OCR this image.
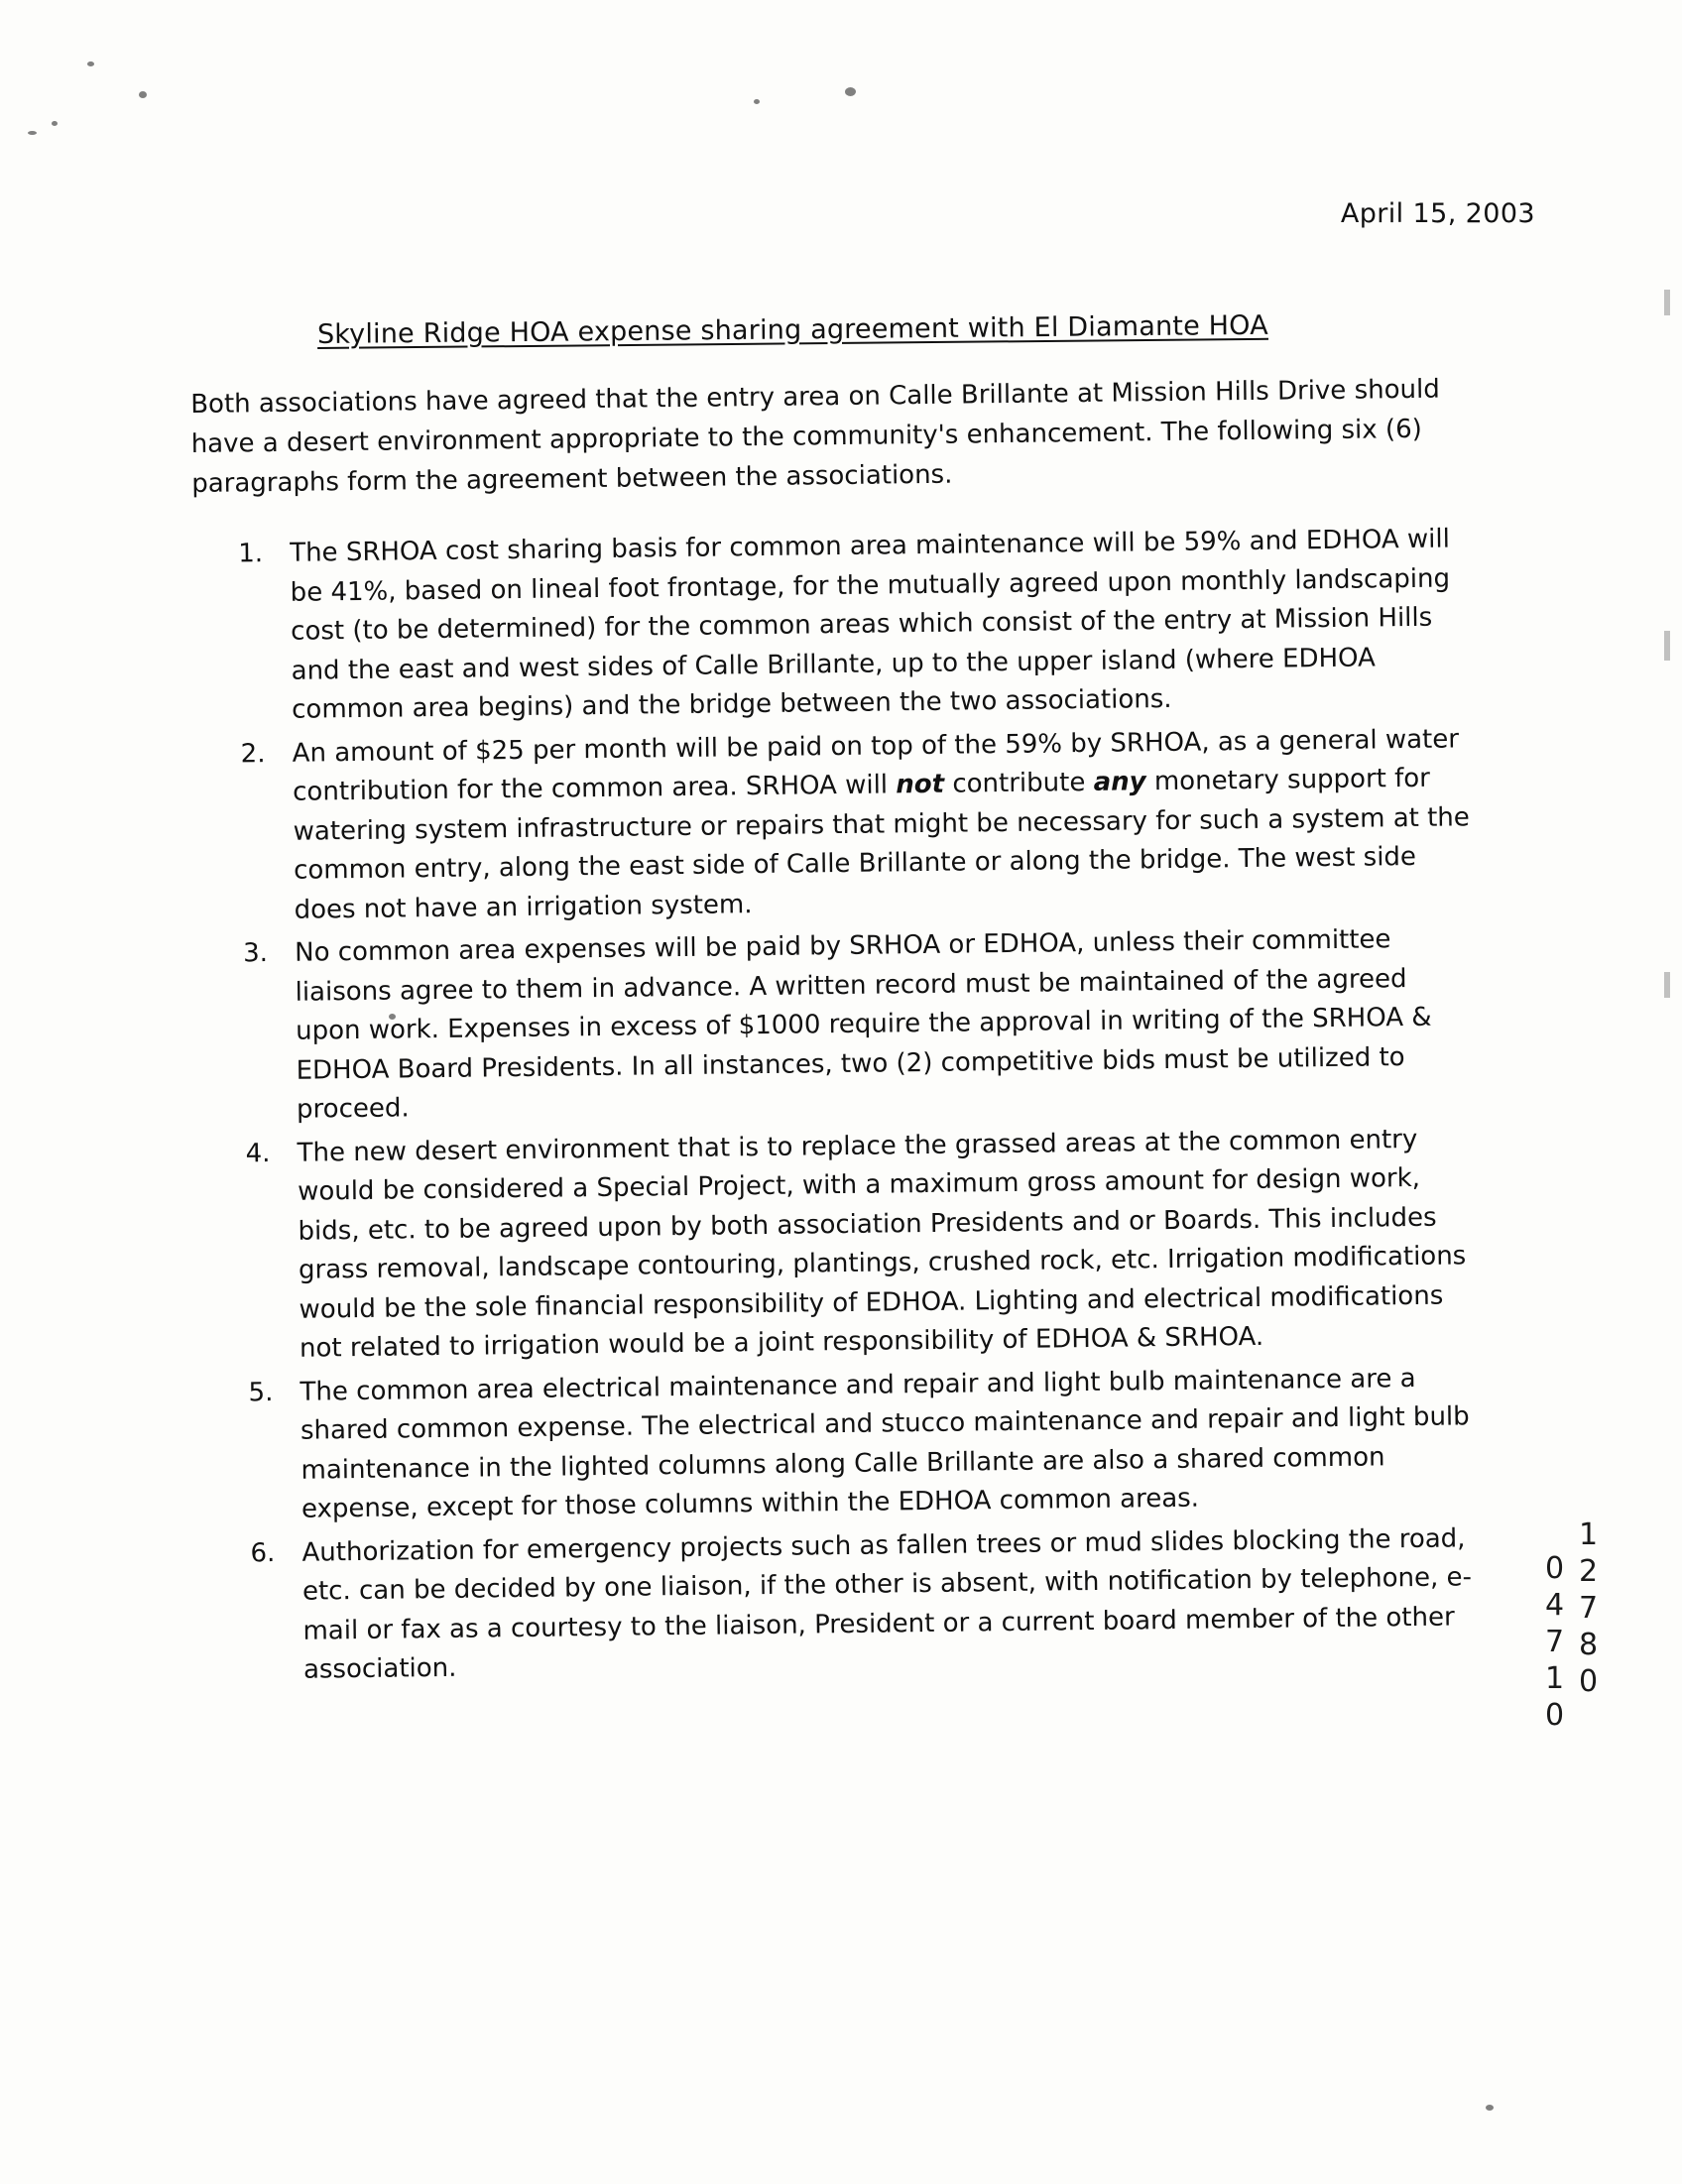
April 15, 2003
Skyline Ridge HOA expense sharing agreement with El Diamante HOA
Both associations have agreed that the entry area on Calle Brillante at Mission Hills Drive should have a desert environment appropriate to the community's enhancement. The following six (6) paragraphs form the agreement between the associations.
1. The SRHOA cost sharing basis for common area maintenance will be 59% and EDHOA will be 41%, based on lineal foot frontage, for the mutually agreed upon monthly landscaping cost (to be determined) for the common areas which consist of the entry at Mission Hills and the east and west sides of Calle Brillante, up to the upper island (where EDHOA common area begins) and the bridge between the two associations.
2. An amount of $25 per month will be paid on top of the 59% by SRHOA, as a general water contribution for the common area. SRHOA will not contribute any monetary support for watering system infrastructure or repairs that might be necessary for such a system at the common entry, along the east side of Calle Brillante or along the bridge. The west side does not have an irrigation system.
3. No common area expenses will be paid by SRHOA or EDHOA, unless their committee liaisons agree to them in advance. A written record must be maintained of the agreed upon work. Expenses in excess of $1000 require the approval in writing of the SRHOA & EDHOA Board Presidents. In all instances, two (2) competitive bids must be utilized to proceed.
4. The new desert environment that is to replace the grassed areas at the common entry would be considered a Special Project, with a maximum gross amount for design work, bids, etc. to be agreed upon by both association Presidents and or Boards. This includes grass removal, landscape contouring, plantings, crushed rock, etc. Irrigation modifications would be the sole financial responsibility of EDHOA. Lighting and electrical modifications not related to irrigation would be a joint responsibility of EDHOA & SRHOA.
5. The common area electrical maintenance and repair and light bulb maintenance are a shared common expense. The electrical and stucco maintenance and repair and light bulb maintenance in the lighted columns along Calle Brillante are also a shared common expense, except for those columns within the EDHOA common areas.
6. Authorization for emergency projects such as fallen trees or mud slides blocking the road, etc. can be decided by one liaison, if the other is absent, with notification by telephone, e-mail or fax as a courtesy to the liaison, President or a current board member of the other association.	12780
04710
